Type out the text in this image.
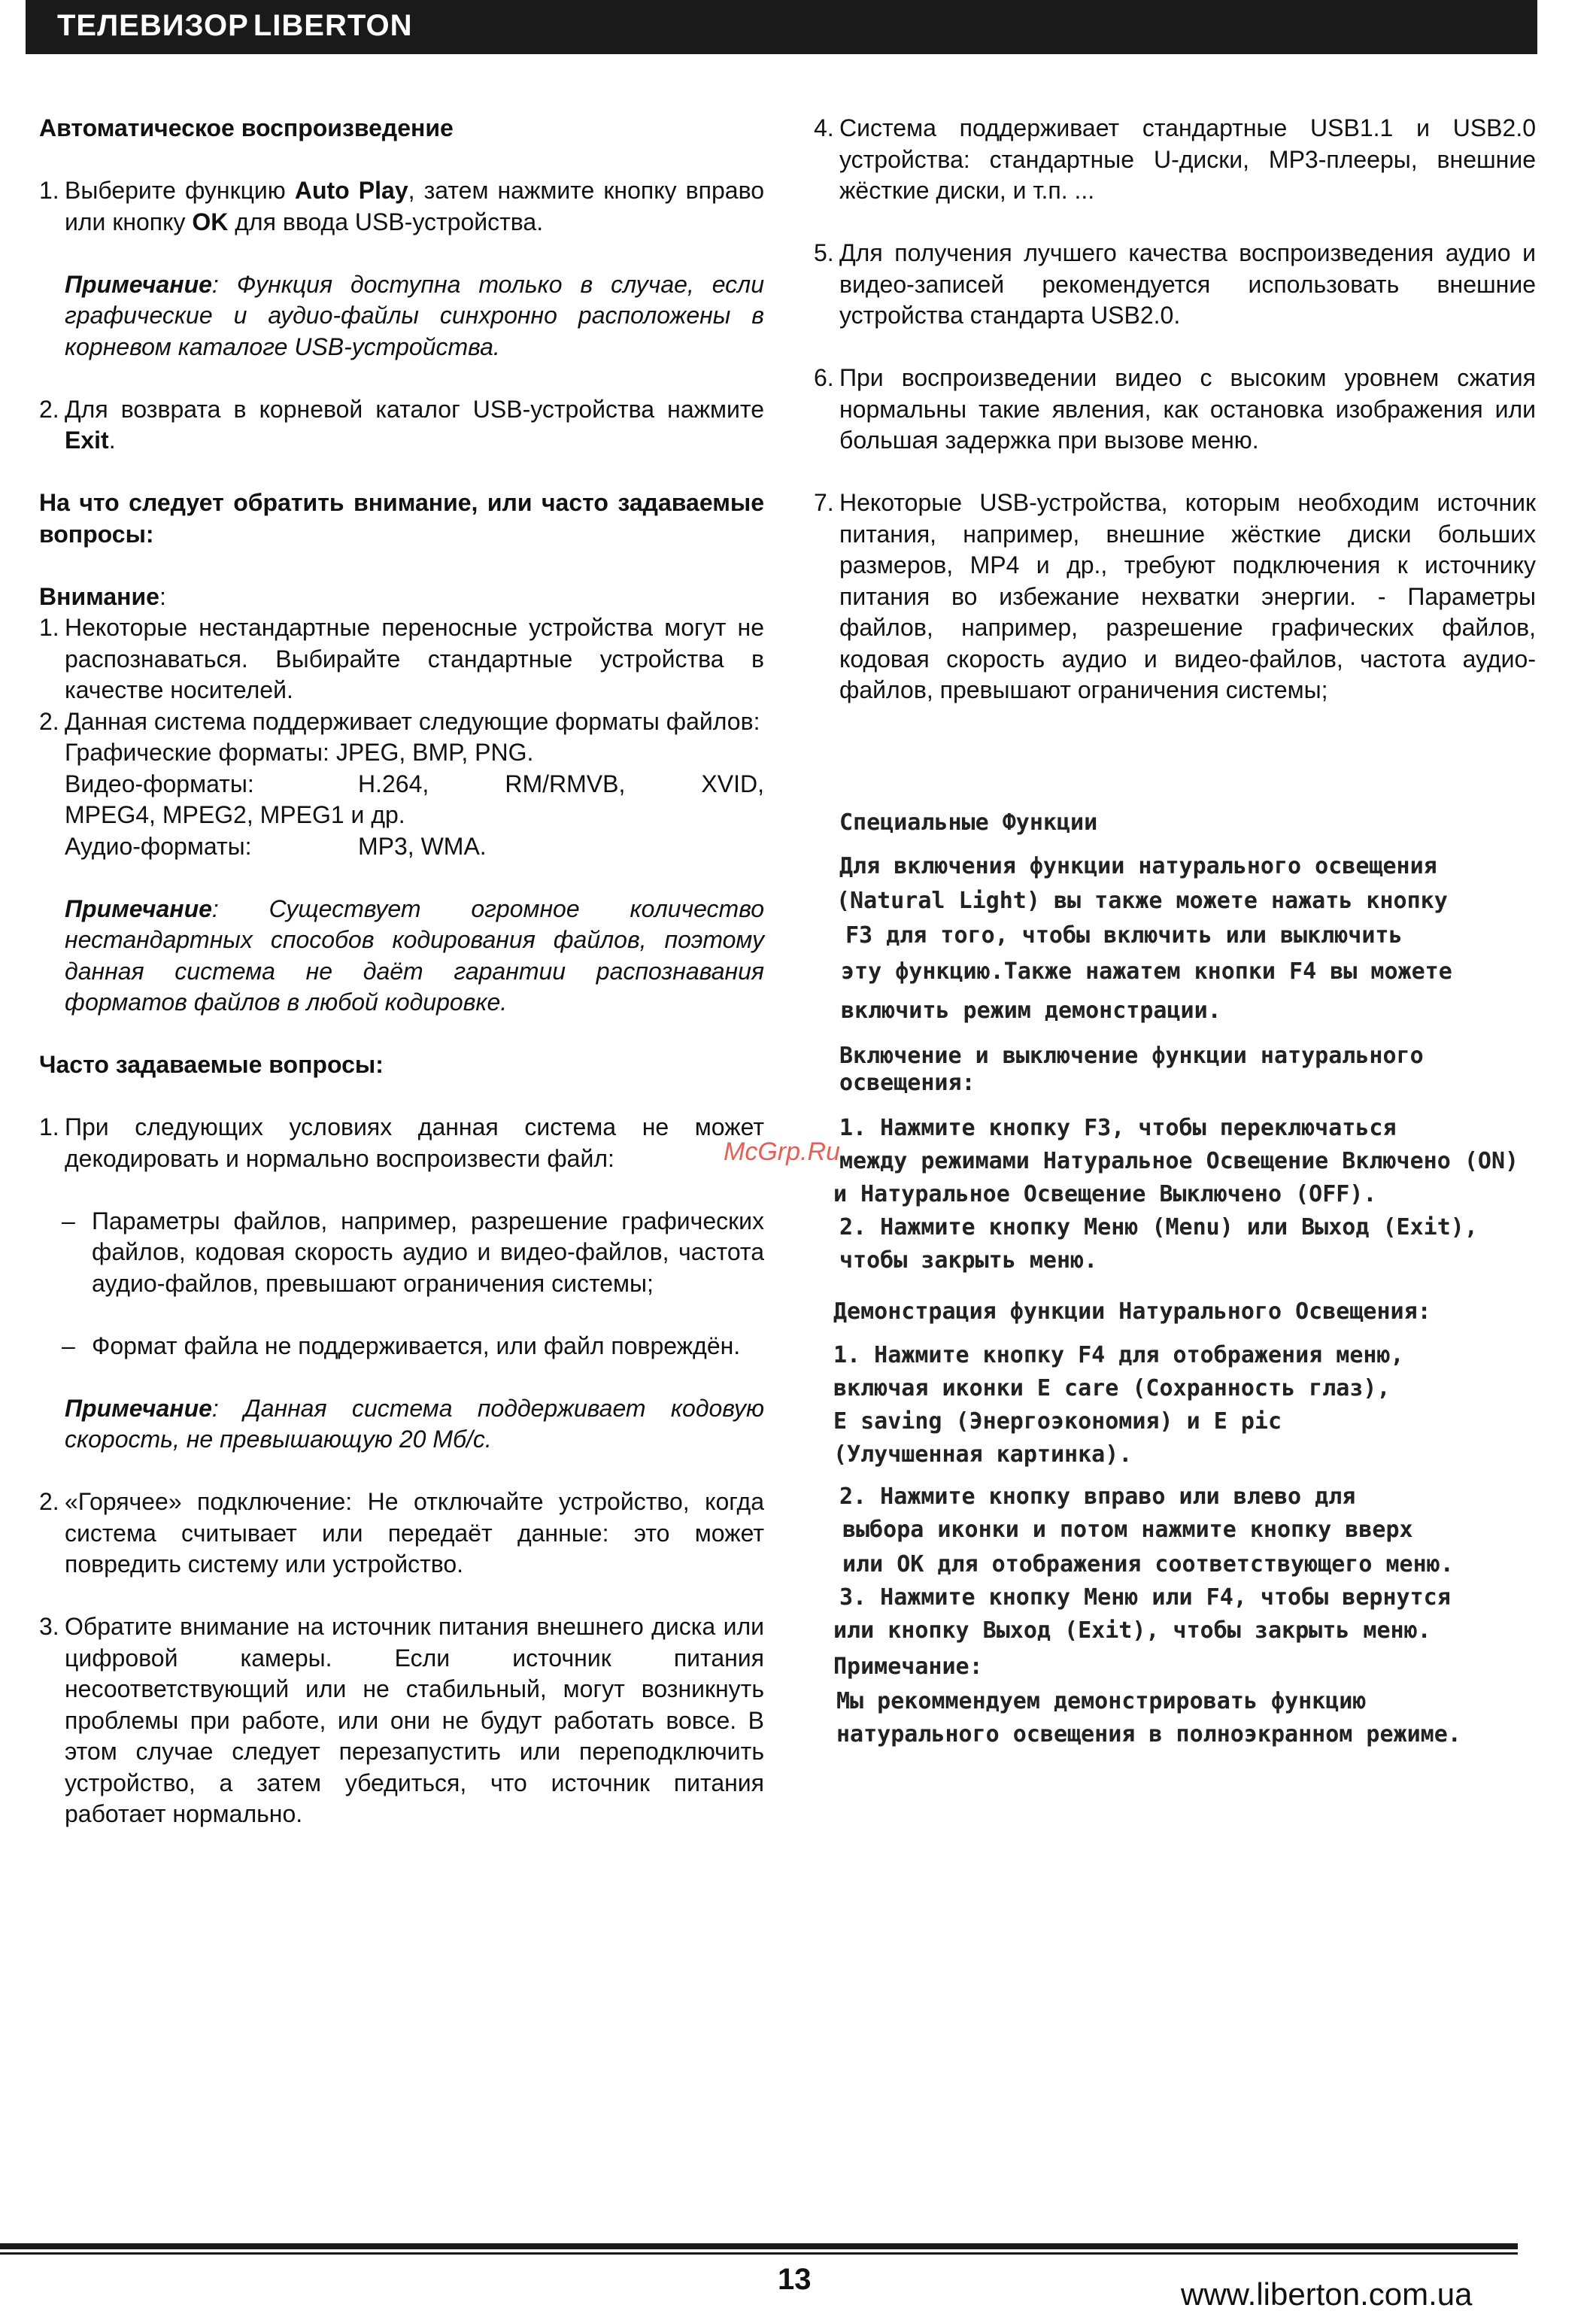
ТЕЛЕВИЗОР LIBERTON
Автоматическое воспроизведение
1. Выберите функцию Auto Play, затем нажмите кнопку вправо или кнопку OK для ввода USB-устройства.
Примечание: Функция доступна только в случае, если графические и аудио-файлы синхронно расположены в корневом каталоге USB-устройства.
2. Для возврата в корневой каталог USB-устройства нажмите Exit.
На что следует обратить внимание, или часто задаваемые вопросы:
Внимание:
1. Некоторые нестандартные переносные устройства могут не распознаваться. Выбирайте стандартные устройства в качестве носителей.
2. Данная система поддерживает следующие форматы файлов:
Графические форматы: JPEG, BMP, PNG.
Видео-форматы:	H.264,	RM/RMVB,	XVID,
MPEG4, MPEG2, MPEG1 и др.
Аудио-форматы:	MP3, WMA.
Примечание: Существует огромное количество нестандартных способов кодирования файлов, поэтому данная система не даёт гарантии распознавания форматов файлов в любой кодировке.
Часто задаваемые вопросы:
1. При следующих условиях данная система не может декодировать и нормально воспроизвести файл:
– Параметры файлов, например, разрешение графических файлов, кодовая скорость аудио и видео-файлов, частота аудио-файлов, превышают ограничения системы;
– Формат файла не поддерживается, или файл повреждён.
Примечание: Данная система поддерживает кодовую скорость, не превышающую 20 Мб/с.
2. «Горячее» подключение: Не отключайте устройство, когда система считывает или передаёт данные: это может повредить систему или устройство.
3. Обратите внимание на источник питания внешнего диска или цифровой камеры. Если источник питания несоответствующий или не стабильный, могут возникнуть проблемы при работе, или они не будут работать вовсе. В этом случае следует перезапустить или переподключить устройство, а затем убедиться, что источник питания работает нормально.
4. Система поддерживает стандартные USB1.1 и USB2.0 устройства: стандартные U-диски, MP3-плееры, внешние жёсткие диски, и т.п. ...
5. Для получения лучшего качества воспроизведения аудио и видео-записей рекомендуется использовать внешние устройства стандарта USB2.0.
6. При воспроизведении видео с высоким уровнем сжатия нормальны такие явления, как остановка изображения или большая задержка при вызове меню.
7. Некоторые USB-устройства, которым необходим источник питания, например, внешние жёсткие диски больших размеров, MP4 и др., требуют подключения к источнику питания во избежание нехватки энергии. - Параметры файлов, например, разрешение графических файлов, кодовая скорость аудио и видео-файлов, частота аудио-файлов, превышают ограничения системы;
Специальные Функции
Для включения функции натурального освещения
(Natural Light) вы также можете нажать кнопку
F3 для того, чтобы включить или выключить
эту функцию.Также нажатем кнопки F4 вы можете
включить режим демонстрации.
Включение и выключение функции натурального
освещения:
1. Нажмите кнопку F3, чтобы переключаться
между режимами Натуральное Освещение Включено (ON)
и Натуральное Освещение Выключено (OFF).
2. Нажмите кнопку Меню (Menu) или Выход (Exit),
чтобы закрыть меню.
Демонстрация функции Натурального Освещения:
1. Нажмите кнопку F4 для отображения меню,
включая иконки E care (Сохранность глаз),
E saving (Энергоэкономия) и E pic
(Улучшенная картинка).
2. Нажмите кнопку вправо или влево для
выбора иконки и потом нажмите кнопку вверх
или OK для отображения соответствующего меню.
3. Нажмите кнопку Меню или F4, чтобы вернутся
или кнопку Выход (Exit), чтобы закрыть меню.
Примечание:
Мы рекоммендуем демонстрировать функцию
натурального освещения в полноэкранном режиме.
McGrp.Ru
13	www.liberton.com.ua
